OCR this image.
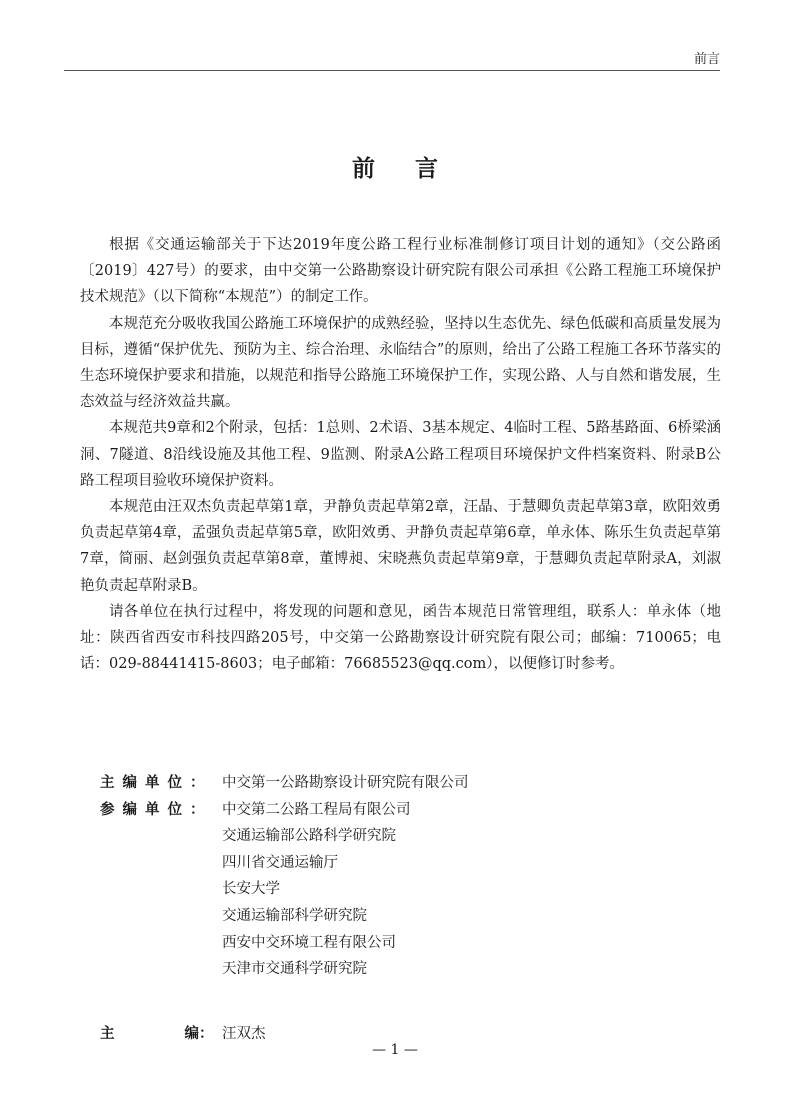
前言
前言

根据《交通运输部关于下达2019年度公路工程行业标准制修订项目计划的通知》（交公路函〔2019〕427号）的要求，由中交第一公路勘察设计研究院有限公司承担《公路工程施工环境保护技术规范》（以下简称“本规范”）的制定工作。

本规范充分吸收我国公路施工环境保护的成熟经验，坚持以生态优先、绿色低碳和高质量发展为目标，遵循“保护优先、预防为主、综合治理、永临结合”的原则，给出了公路工程施工各环节落实的生态环境保护要求和措施，以规范和指导公路施工环境保护工作，实现公路、人与自然和谐发展，生态效益与经济效益共赢。

本规范共9章和2个附录，包括：1总则、2术语、3基本规定、4临时工程、5路基路面、6桥梁涵洞、7隧道、8沿线设施及其他工程、9监测、附录A公路工程项目环境保护文件档案资料、附录B公路工程项目验收环境保护资料。

本规范由汪双杰负责起草第1章，尹静负责起草第2章，汪晶、于慧卿负责起草第3章，欧阳效勇负责起草第4章，孟强负责起草第5章，欧阳效勇、尹静负责起草第6章，单永体、陈乐生负责起草第7章，简丽、赵剑强负责起草第8章，董博昶、宋晓燕负责起草第9章，于慧卿负责起草附录A，刘淑艳负责起草附录B。

请各单位在执行过程中，将发现的问题和意见，函告本规范日常管理组，联系人：单永体（地址：陕西省西安市科技四路205号，中交第一公路勘察设计研究院有限公司；邮编：710065；电话：029-88441415-8603；电子邮箱：76685523@qq.com），以便修订时参考。

主编单位： 中交第一公路勘察设计研究院有限公司
参编单位： 中交第二公路工程局有限公司
交通运输部公路科学研究院
四川省交通运输厅
长安大学
交通运输部科学研究院
西安中交环境工程有限公司
天津市交通科学研究院
主	编： 汪双杰
— 1 —
